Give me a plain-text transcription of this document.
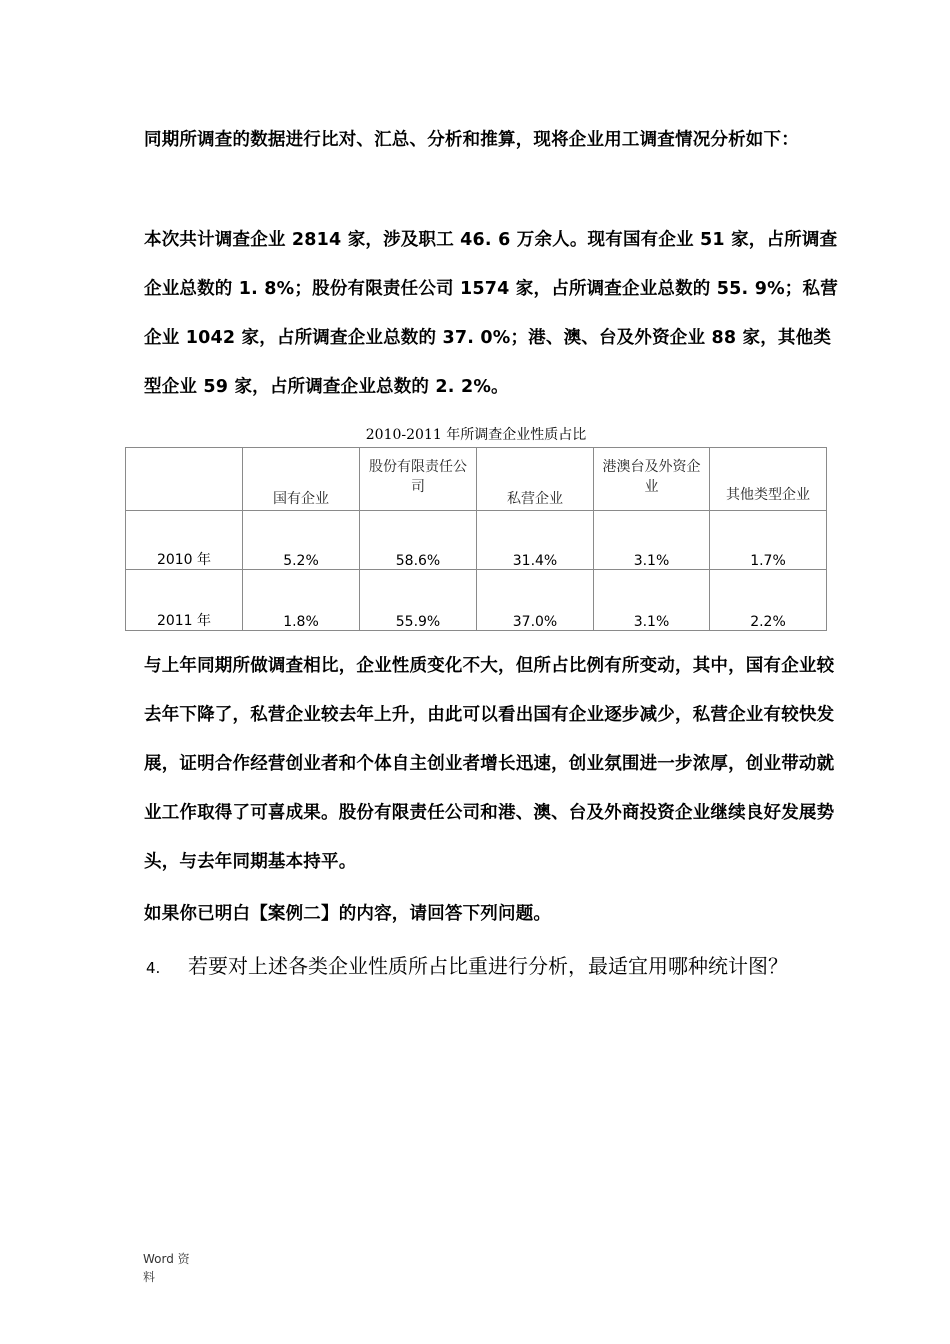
同期所调查的数据进行比对、汇总、分析和推算，现将企业用工调查情况分析如下：

本次共计调查企业 2814 家，涉及职工 46. 6 万余人。现有国有企业 51 家，占所调查企业总数的 1. 8%；股份有限责任公司 1574 家，占所调查企业总数的 55. 9%；私营企业 1042 家，占所调查企业总数的 37. 0%；港、澳、台及外资企业 88 家，其他类型企业 59 家，占所调查企业总数的 2. 2%。

2010-2011 年所调查企业性质占比

	国有企业	股份有限责任公司	私营企业	港澳台及外资企业	其他类型企业

2010 年	5.2%	58.6%	31.4%	3.1%	1.7%
2011 年	1.8%	55.9%	37.0%	3.1%	2.2%

与上年同期所做调查相比，企业性质变化不大，但所占比例有所变动，其中，国有企业较去年下降了，私营企业较去年上升，由此可以看出国有企业逐步减少，私营企业有较快发展，证明合作经营创业者和个体自主创业者增长迅速，创业氛围进一步浓厚，创业带动就业工作取得了可喜成果。股份有限责任公司和港、澳、台及外商投资企业继续良好发展势头，与去年同期基本持平。

如果你已明白【案例二】的内容，请回答下列问题。

4. 若要对上述各类企业性质所占比重进行分析，最适宜用哪种统计图？
Word 资
料
